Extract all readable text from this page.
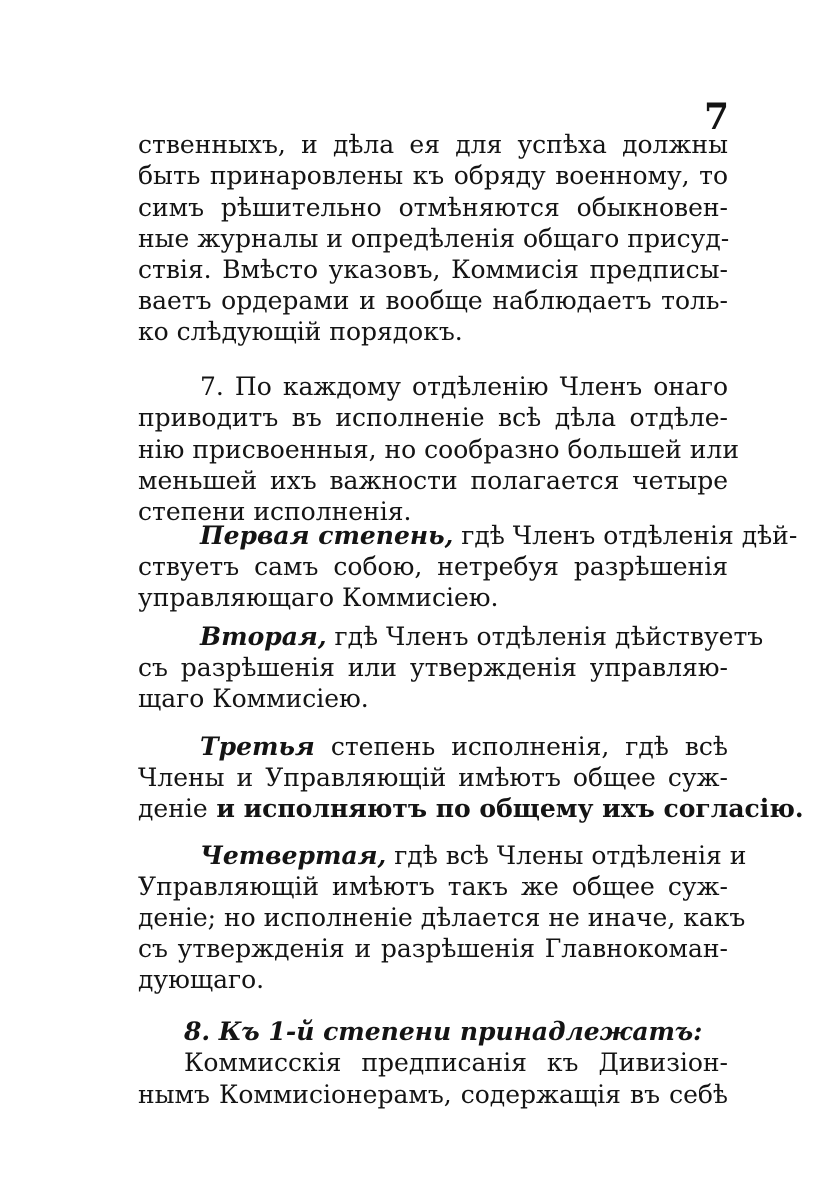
7
ственныхъ, и дѣла ея для успѣха должны
быть принаровлены къ обряду военному, то
симъ рѣшительно отмѣняются обыкновен-
ные журналы и опредѣленія общаго присуд-
ствія. Вмѣсто указовъ, Коммисія предписы-
ваетъ ордерами и вообще наблюдаетъ толь-
ко слѣдующій порядокъ.
7. По каждому отдѣленію Членъ онаго
приводитъ въ исполненіе всѣ дѣла отдѣле-
нію присвоенныя, но сообразно большей или
меньшей ихъ важности полагается четыре
степени исполненія.
Первая степень, гдѣ Членъ отдѣленія дѣй-
ствуетъ самъ собою, нетребуя разрѣшенія
управляющаго Коммисіею.
Вторая, гдѣ Членъ отдѣленія дѣйствуетъ
съ разрѣшенія или утвержденія управляю-
щаго Коммисіею.
Третья степень исполненія, гдѣ всѣ
Члены и Управляющій имѣютъ общее суж-
деніе и исполняютъ по общему ихъ согласію.
Четвертая, гдѣ всѣ Члены отдѣленія и
Управляющій имѣютъ такъ же общее суж-
деніе; но исполненіе дѣлается не иначе, какъ
съ утвержденія и разрѣшенія Главнокоман-
дующаго.
8. Къ 1-й степени принадлежатъ:
Коммисскія предписанія къ Дивизіон-
нымъ Коммисіонерамъ, содержащія въ себѣ
